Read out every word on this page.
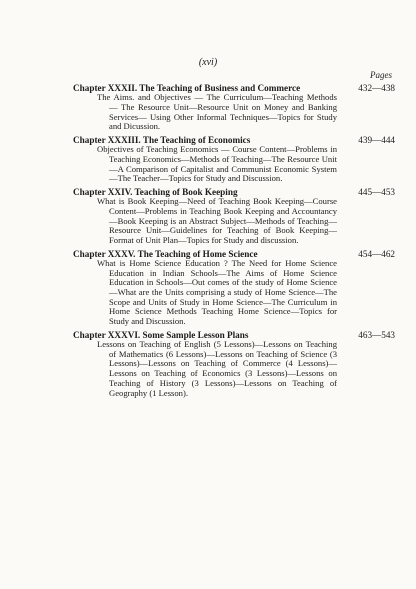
(xvi)
Pages
Chapter XXXII. The Teaching of Business and Commerce	432—438
The Aims. and Objectives — The Curriculum—Teaching Methods — The Resource Unit—Resource Unit on Money and Banking Services— Using Other Informal Techniques—Topics for Study and Dicussion.
Chapter XXXIII. The Teaching of Economics	439—444
Objectives of Teaching Economics — Course Content—Problems in Teaching Economics—Methods of Teaching—The Resource Unit—A Comparison of Capitalist and Communist Economic System—The Teacher—Topics for Study and Discussion.
Chapter XXIV. Teaching of Book Keeping	445—453
What is Book Keeping—Need of Teaching Book Keeping—Course Content—Problems in Teaching Book Keeping and Accountancy—Book Keeping is an Abstract Subject—Methods of Teaching—Resource Unit—Guidelines for Teaching of Book Keeping—Format of Unit Plan—Topics for Study and discussion.
Chapter XXXV. The Teaching of Home Science	454—462
What is Home Science Education ? The Need for Home Science Education in Indian Schools—The Aims of Home Science Education in Schools—Out comes of the study of Home Science—What are the Units comprising a study of Home Science—The Scope and Units of Study in Home Science—The Curriculum in Home Science Methods Teaching Home Science—Topics for Study and Discussion.
Chapter XXXVI. Some Sample Lesson Plans	463—543
Lessons on Teaching of English (5 Lessons)—Lessons on Teaching of Mathematics (6 Lessons)—Lessons on Teaching of Science (3 Lessons)—Lessons on Teaching of Commerce (4 Lessons)—Lessons on Teaching of Economics (3 Lessons)—Lessons on Teaching of History (3 Lessons)—Lessons on Teaching of Geography (1 Lesson).
